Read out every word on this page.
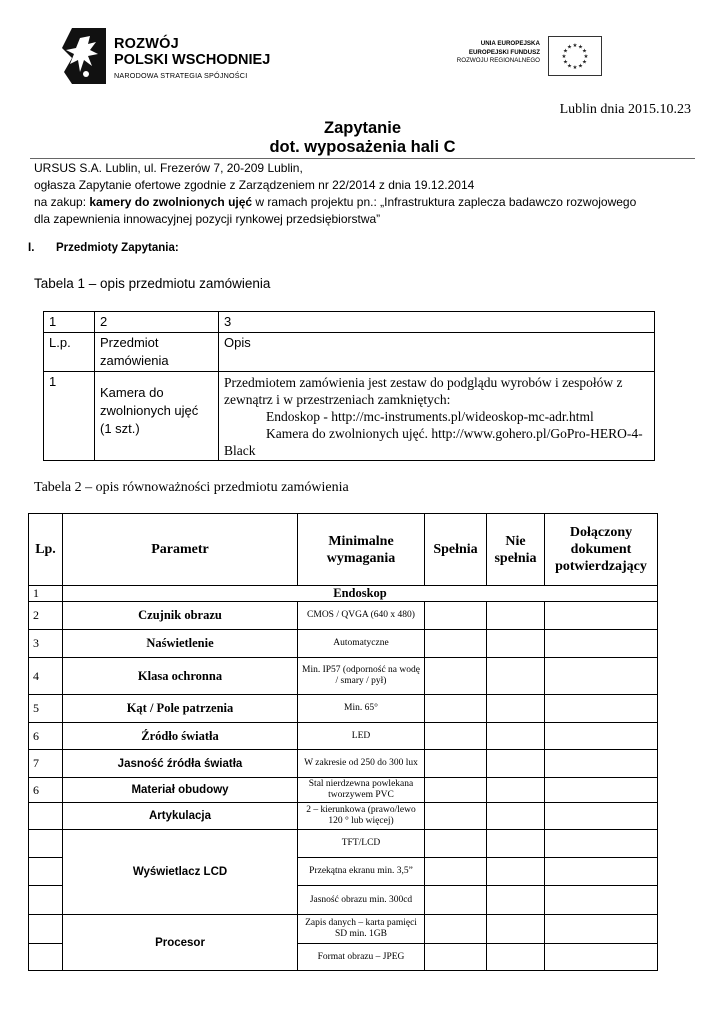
ROZWÓJ
POLSKI WSCHODNIEJ
NARODOWA STRATEGIA SPÓJNOŚCI
UNIA EUROPEJSKA
EUROPEJSKI FUNDUSZ
ROZWOJU REGIONALNEGO
★ ★
★
★
★
★
★
★
★
★
★
★
Lublin dnia 2015.10.23
Zapytanie
dot. wyposażenia hali C
URSUS S.A. Lublin, ul. Frezerów 7, 20-209 Lublin,
ogłasza Zapytanie ofertowe zgodnie z Zarządzeniem nr 22/2014 z dnia 19.12.2014
na zakup: kamery do zwolnionych ujęć w ramach projektu pn.: „Infrastruktura zaplecza badawczo rozwojowego
dla zapewnienia innowacyjnej pozycji rynkowej przedsiębiorstwa”
I. Przedmioty Zapytania:
Tabela 1 – opis przedmiotu zamówienia
1	2	3
L.p.	Przedmiot zamówienia	Opis
1	Kamera do zwolnionych ujęć (1 szt.)	Przedmiotem zamówienia jest zestaw do podglądu wyrobów i zespołów z zewnątrz i w przestrzeniach zamkniętych:
Endoskop - http://mc-instruments.pl/wideoskop-mc-adr.html
Kamera do zwolnionych ujęć. http://www.gohero.pl/GoPro-HERO-4-Black
Tabela 2 – opis równoważności przedmiotu zamówienia
Lp.	Parametr	Minimalne wymagania	Spełnia	Nie spełnia	Dołączony dokument potwierdzający
1	Endoskop				
2	Czujnik obrazu	CMOS / QVGA (640 x 480)			
3	Naświetlenie	Automatyczne			
4	Klasa ochronna	Min. IP57 (odporność na wodę / smary / pył)			
5	Kąt / Pole patrzenia	Min. 65°			
6	Źródło światła	LED			
7	Jasność źródła światła	W zakresie od 250 do 300 lux			
6	Materiał obudowy	Stal nierdzewna powlekana tworzywem PVC			
	Artykulacja	2 – kierunkowa (prawo/lewo 120 ° lub więcej)			
	Wyświetlacz LCD	TFT/LCD			
		Przekątna ekranu min. 3,5”			
		Jasność obrazu min. 300cd			
	Procesor	Zapis danych – karta pamięci SD min. 1GB			
		Format obrazu – JPEG			
